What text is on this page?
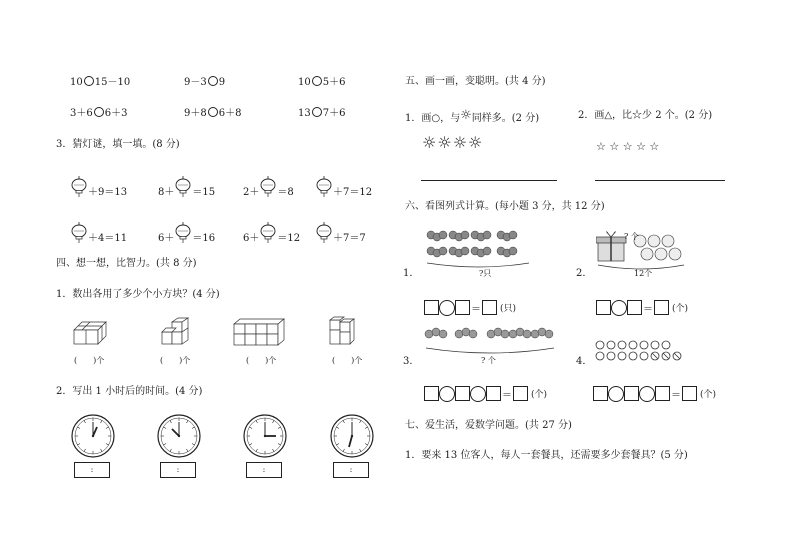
10 15－10	9－3 9	10 5＋6
3＋6 6＋3	9＋8 6＋8	13 7＋6
3．猜灯谜，填一填。(8 分)
＋9＝13	8＋ ＝15	2＋ ＝8	＋7＝12
＋4＝11	6＋ ＝16	6＋ ＝12	＋7＝7
四、想一想，比智力。(共 8 分)
1．数出各用了多少个小方块？(4 分)
(　　)个	(　　)个	(　　)个	(　　)个
2．写出 1 小时后的时间。(4 分)
:	:	:	:
五、画一画，变聪明。(共 4 分)
1．画○，与☼同样多。(2 分)	2．画△，比☆少 2 个。(2 分)
☼☼☼☼	☆ ☆ ☆ ☆ ☆
六、看图列式计算。(每小题 3 分，共 12 分)
?只
1．
? 个
12个
2．
＝ (只)	＝ (个)
? 个
3．	4．
＝ (个)	＝ (个)
七、爱生活，爱数学问题。(共 27 分)
1．要来 13 位客人，每人一套餐具，还需要多少套餐具？(5 分)
